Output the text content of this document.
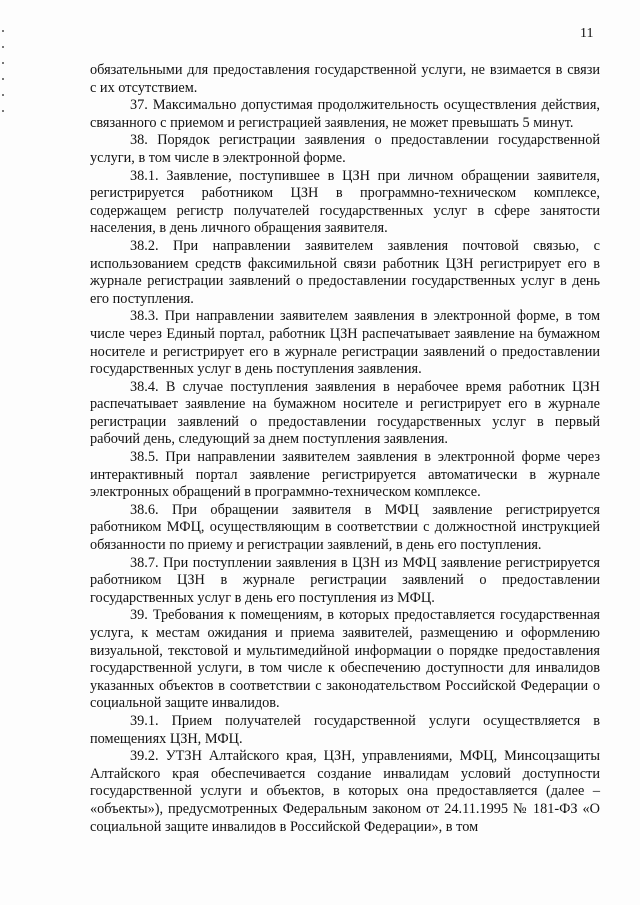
11

обязательными для предоставления государственной услуги, не взимается в связи с их отсутствием.

37. Максимально допустимая продолжительность осуществления действия, связанного с приемом и регистрацией заявления, не может превышать 5 минут.

38. Порядок регистрации заявления о предоставлении государственной услуги, в том числе в электронной форме.

38.1. Заявление, поступившее в ЦЗН при личном обращении заявителя, регистрируется работником ЦЗН в программно-техническом комплексе, содержащем регистр получателей государственных услуг в сфере занятости населения, в день личного обращения заявителя.

38.2. При направлении заявителем заявления почтовой связью, с использованием средств факсимильной связи работник ЦЗН регистрирует его в журнале регистрации заявлений о предоставлении государственных услуг в день его поступления.

38.3. При направлении заявителем заявления в электронной форме, в том числе через Единый портал, работник ЦЗН распечатывает заявление на бумажном носителе и регистрирует его в журнале регистрации заявлений о предоставлении государственных услуг в день поступления заявления.

38.4. В случае поступления заявления в нерабочее время работник ЦЗН распечатывает заявление на бумажном носителе и регистрирует его в журнале регистрации заявлений о предоставлении государственных услуг в первый рабочий день, следующий за днем поступления заявления.

38.5. При направлении заявителем заявления в электронной форме через интерактивный портал заявление регистрируется автоматически в журнале электронных обращений в программно-техническом комплексе.

38.6. При обращении заявителя в МФЦ заявление регистрируется работником МФЦ, осуществляющим в соответствии с должностной инструкцией обязанности по приему и регистрации заявлений, в день его поступления.

38.7. При поступлении заявления в ЦЗН из МФЦ заявление регистрируется работником ЦЗН в журнале регистрации заявлений о предоставлении государственных услуг в день его поступления из МФЦ.

39. Требования к помещениям, в которых предоставляется государственная услуга, к местам ожидания и приема заявителей, размещению и оформлению визуальной, текстовой и мультимедийной информации о порядке предоставления государственной услуги, в том числе к обеспечению доступности для инвалидов указанных объектов в соответствии с законодательством Российской Федерации о социальной защите инвалидов.

39.1. Прием получателей государственной услуги осуществляется в помещениях ЦЗН, МФЦ.

39.2. УТЗН Алтайского края, ЦЗН, управлениями, МФЦ, Минсоцзащиты Алтайского края обеспечивается создание инвалидам условий доступности государственной услуги и объектов, в которых она предоставляется (далее – «объекты»), предусмотренных Федеральным законом от 24.11.1995 № 181-ФЗ «О социальной защите инвалидов в Российской Федерации», в том
